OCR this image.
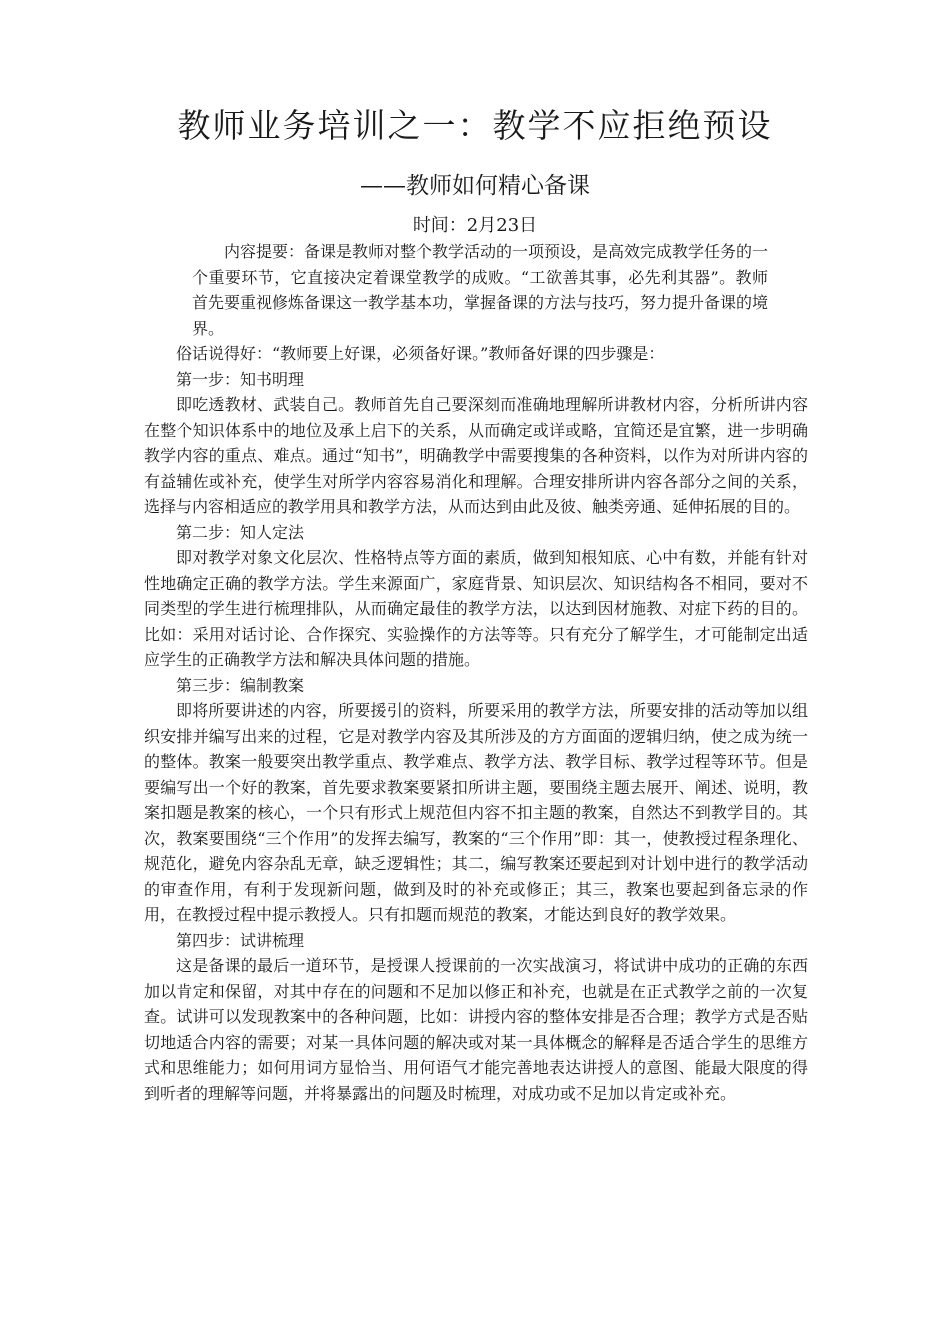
教师业务培训之一：教学不应拒绝预设
——教师如何精心备课
时间：2月23日

内容提要：备课是教师对整个教学活动的一项预设，是高效完成教学任务的一个重要环节，它直接决定着课堂教学的成败。“工欲善其事，必先利其器”。教师首先要重视修炼备课这一教学基本功，掌握备课的方法与技巧，努力提升备课的境界。

俗话说得好：“教师要上好课，必须备好课。”教师备好课的四步骤是：

第一步：知书明理

即吃透教材、武装自己。教师首先自己要深刻而准确地理解所讲教材内容，分析所讲内容在整个知识体系中的地位及承上启下的关系，从而确定或详或略，宜简还是宜繁，进一步明确教学内容的重点、难点。通过“知书”，明确教学中需要搜集的各种资料，以作为对所讲内容的有益辅佐或补充，使学生对所学内容容易消化和理解。合理安排所讲内容各部分之间的关系，选择与内容相适应的教学用具和教学方法，从而达到由此及彼、触类旁通、延伸拓展的目的。

第二步：知人定法

即对教学对象文化层次、性格特点等方面的素质，做到知根知底、心中有数，并能有针对性地确定正确的教学方法。学生来源面广，家庭背景、知识层次、知识结构各不相同，要对不同类型的学生进行梳理排队，从而确定最佳的教学方法，以达到因材施教、对症下药的目的。比如：采用对话讨论、合作探究、实验操作的方法等等。只有充分了解学生，才可能制定出适应学生的正确教学方法和解决具体问题的措施。

第三步：编制教案

即将所要讲述的内容，所要援引的资料，所要采用的教学方法，所要安排的活动等加以组织安排并编写出来的过程，它是对教学内容及其所涉及的方方面面的逻辑归纳，使之成为统一的整体。教案一般要突出教学重点、教学难点、教学方法、教学目标、教学过程等环节。但是要编写出一个好的教案，首先要求教案要紧扣所讲主题，要围绕主题去展开、阐述、说明，教案扣题是教案的核心，一个只有形式上规范但内容不扣主题的教案，自然达不到教学目的。其次，教案要围绕“三个作用”的发挥去编写，教案的“三个作用”即：其一，使教授过程条理化、规范化，避免内容杂乱无章，缺乏逻辑性；其二，编写教案还要起到对计划中进行的教学活动的审查作用，有利于发现新问题，做到及时的补充或修正；其三，教案也要起到备忘录的作用，在教授过程中提示教授人。只有扣题而规范的教案，才能达到良好的教学效果。

第四步：试讲梳理

这是备课的最后一道环节，是授课人授课前的一次实战演习，将试讲中成功的正确的东西加以肯定和保留，对其中存在的问题和不足加以修正和补充，也就是在正式教学之前的一次复查。试讲可以发现教案中的各种问题，比如：讲授内容的整体安排是否合理；教学方式是否贴切地适合内容的需要；对某一具体问题的解决或对某一具体概念的解释是否适合学生的思维方式和思维能力；如何用词方显恰当、用何语气才能完善地表达讲授人的意图、能最大限度的得到听者的理解等问题，并将暴露出的问题及时梳理，对成功或不足加以肯定或补充。
